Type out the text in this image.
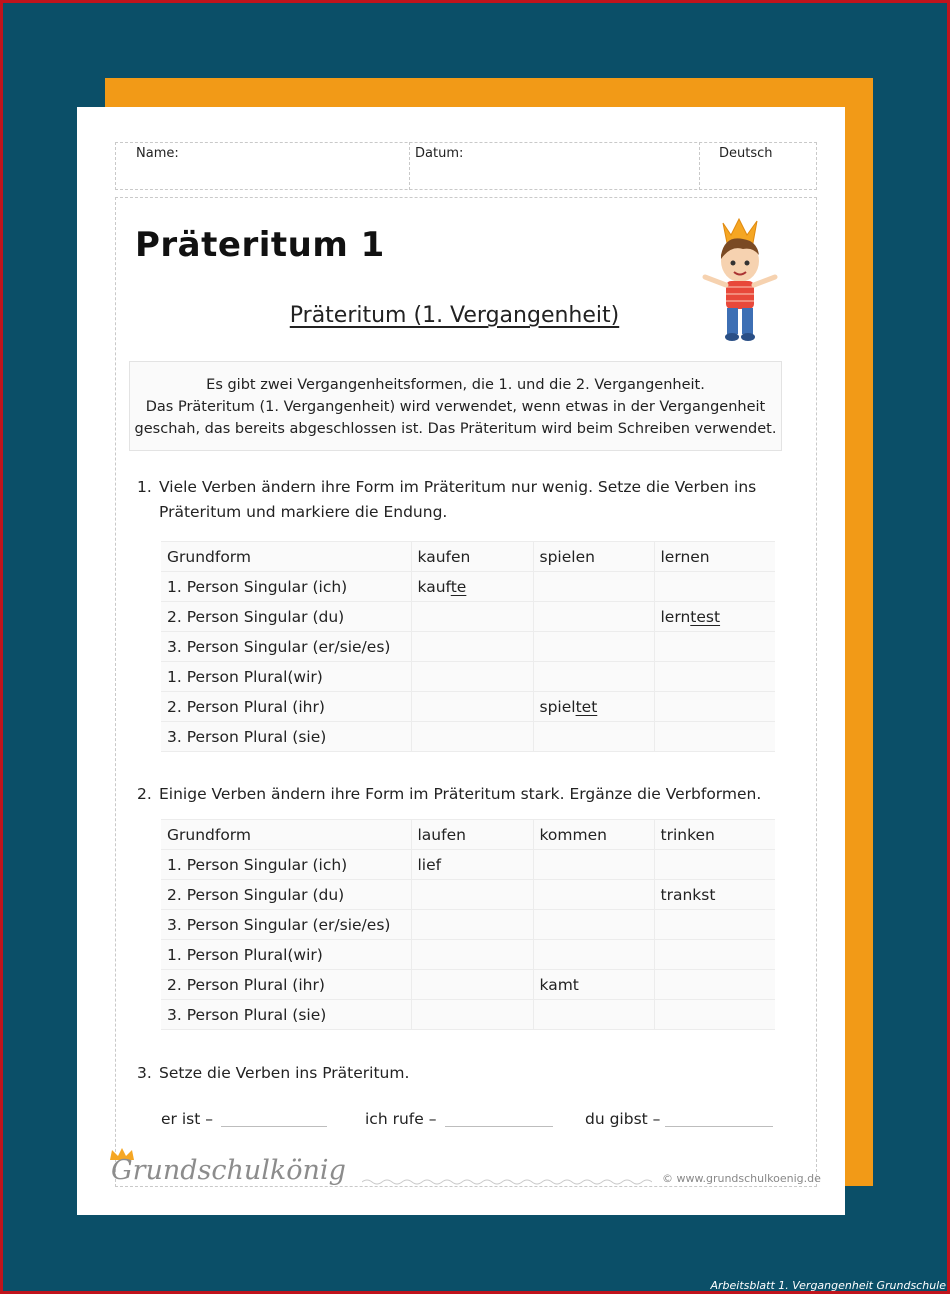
Name:	Datum:	Deutsch
Präteritum 1
Präteritum (1. Vergangenheit)
Es gibt zwei Vergangenheitsformen, die 1. und die 2. Vergangenheit.
Das Präteritum (1. Vergangenheit) wird verwendet, wenn etwas in der Vergangenheit
geschah, das bereits abgeschlossen ist. Das Präteritum wird beim Schreiben verwendet.
1. Viele Verben ändern ihre Form im Präteritum nur wenig. Setze die Verben ins
Präteritum und markiere die Endung.
Grundform	kaufen	spielen	lernen
1. Person Singular (ich)	kaufte		
2. Person Singular (du)			lerntest
3. Person Singular (er/sie/es)			
1. Person Plural(wir)			
2. Person Plural (ihr)		spieltet	
3. Person Plural (sie)			
2. Einige Verben ändern ihre Form im Präteritum stark. Ergänze die Verbformen.
Grundform	laufen	kommen	trinken
1. Person Singular (ich)	lief		
2. Person Singular (du)			trankst
3. Person Singular (er/sie/es)			
1. Person Plural(wir)			
2. Person Plural (ihr)		kamt	
3. Person Plural (sie)			
3. Setze die Verben ins Präteritum.
er ist –	ich rufe –	du gibst –
Grundschulkönig	© www.grundschulkoenig.de
Arbeitsblatt 1. Vergangenheit Grundschule
